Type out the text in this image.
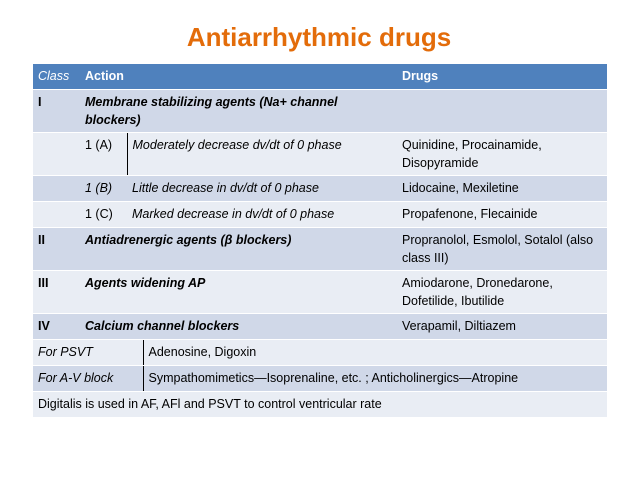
Antiarrhythmic drugs
Class	Action			Drugs
I	Membrane stabilizing agents (Na+ channel blockers)			
	1 (A)	Moderately decrease dv/dt of 0 phase		Quinidine, Procainamide, Disopyramide
	1 (B)	Little decrease in dv/dt of 0 phase		Lidocaine, Mexiletine
	1 (C)	Marked decrease in dv/dt of 0 phase		Propafenone, Flecainide
II	Antiadrenergic agents (β blockers)			Propranolol, Esmolol, Sotalol (also class III)
III	Agents widening AP			Amiodarone, Dronedarone, Dofetilide, Ibutilide
IV	Calcium channel blockers			Verapamil, Diltiazem
For PSVT			Adenosine, Digoxin	
For A-V block			Sympathomimetics—Isoprenaline, etc. ; Anticholinergics—Atropine	
Digitalis is used in AF, AFl and PSVT to control ventricular rate				
